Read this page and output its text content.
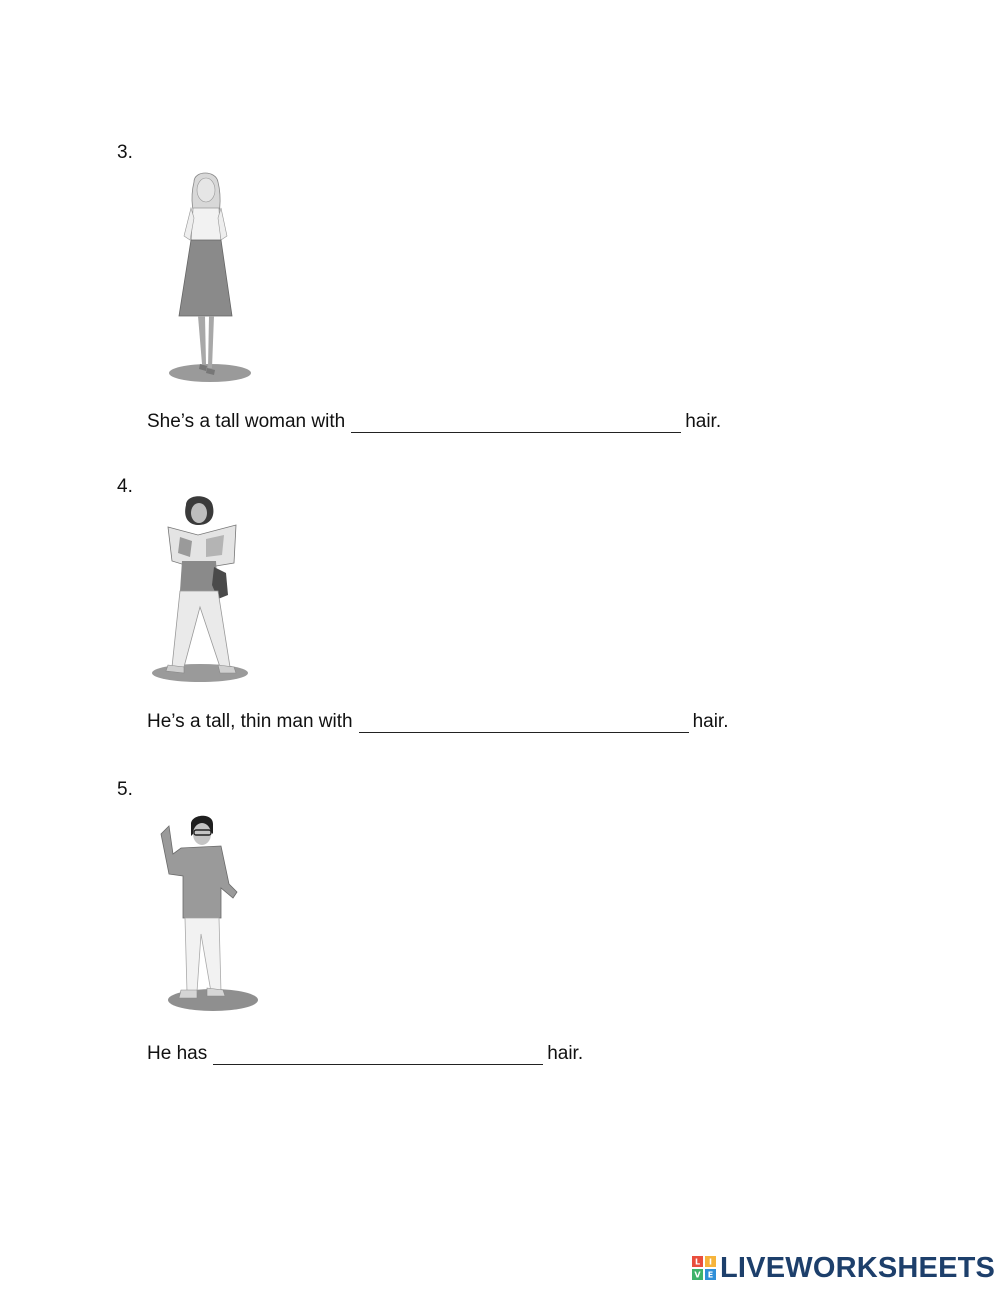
3.
She’s a tall woman with	hair.
4.
He’s a tall, thin man with	hair.
5.
He has	hair.
L I
V E LIVEWORKSHEETS
